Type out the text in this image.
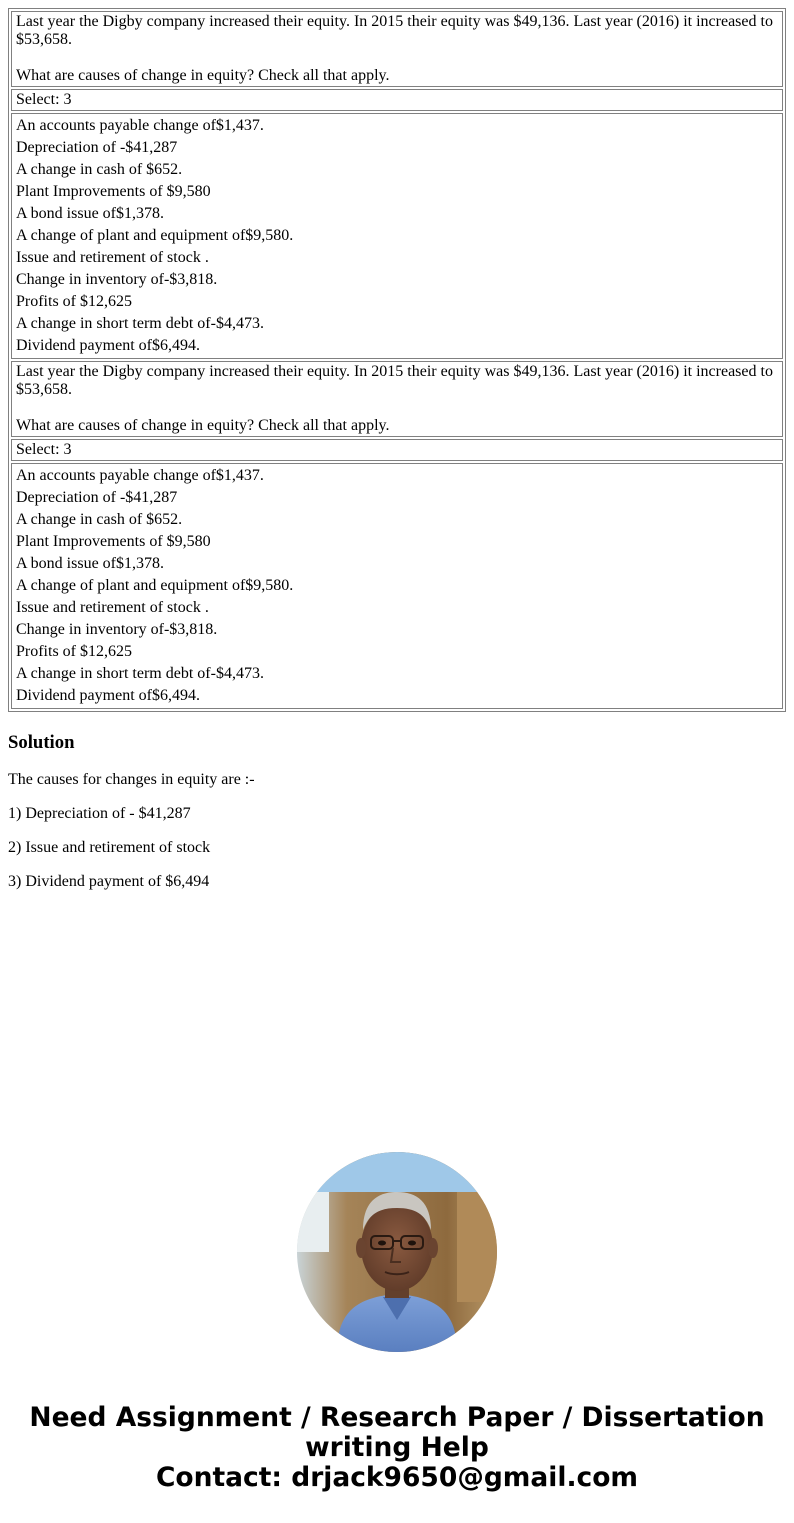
Last year the Digby company increased their equity. In 2015 their equity was $49,136. Last year (2016) it increased to $53,658.

What are causes of change in equity? Check all that apply.

Select: 3

An accounts payable change of$1,437.
Depreciation of -$41,287
A change in cash of $652.
Plant Improvements of $9,580
A bond issue of$1,378.
A change of plant and equipment of$9,580.
Issue and retirement of stock .
Change in inventory of-$3,818.
Profits of $12,625
A change in short term debt of-$4,473.
Dividend payment of$6,494.

Last year the Digby company increased their equity. In 2015 their equity was $49,136. Last year (2016) it increased to $53,658.

What are causes of change in equity? Check all that apply.

Select: 3

An accounts payable change of$1,437.
Depreciation of -$41,287
A change in cash of $652.
Plant Improvements of $9,580
A bond issue of$1,378.
A change of plant and equipment of$9,580.
Issue and retirement of stock .
Change in inventory of-$3,818.
Profits of $12,625
A change in short term debt of-$4,473.
Dividend payment of$6,494.
Solution

The causes for changes in equity are :-

1) Depreciation of - $41,287

2) Issue and retirement of stock

3) Dividend payment of $6,494

Need Assignment / Research Paper / Dissertation
writing Help
Contact: drjack9650@gmail.com
